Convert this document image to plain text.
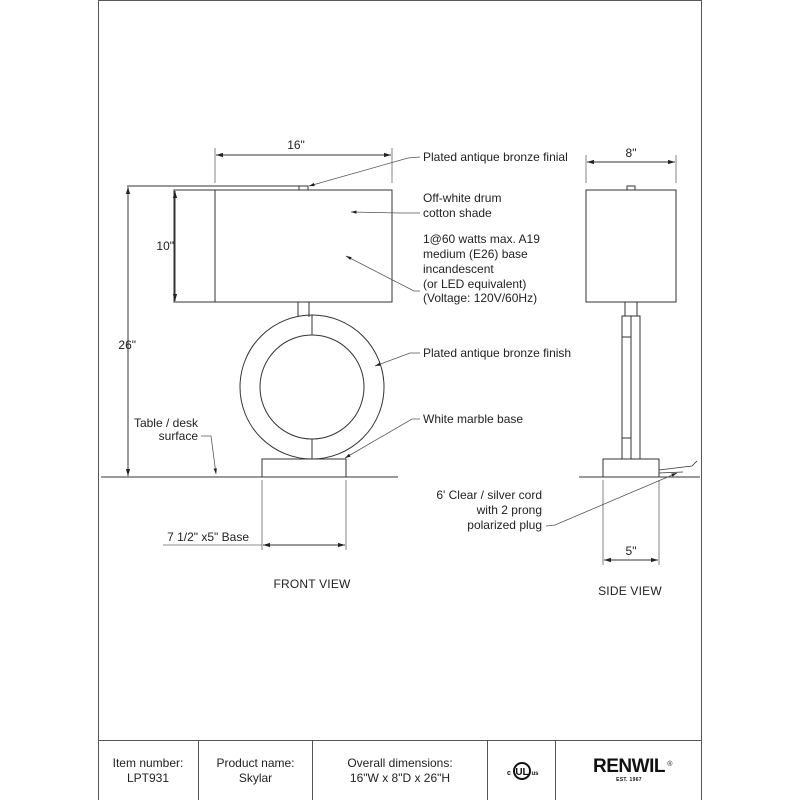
16"
10"
26"
7 1/2" x5" Base
8"
5"
Table / desk
surface
Plated antique bronze finial
Off-white drum
cotton shade
1@60 watts max. A19
medium (E26) base
incandescent
(or LED equivalent)
(Voltage: 120V/60Hz)
Plated antique bronze finish
White marble base
6' Clear / silver cord
with 2 prong
polarized plug
FRONT VIEW	SIDE VIEW
Item number:
LPT931
Product name:
Skylar
Overall dimensions:
16"W x 8"D x 26"H	UL
c	us	RENWIL ®
EST. 1967
